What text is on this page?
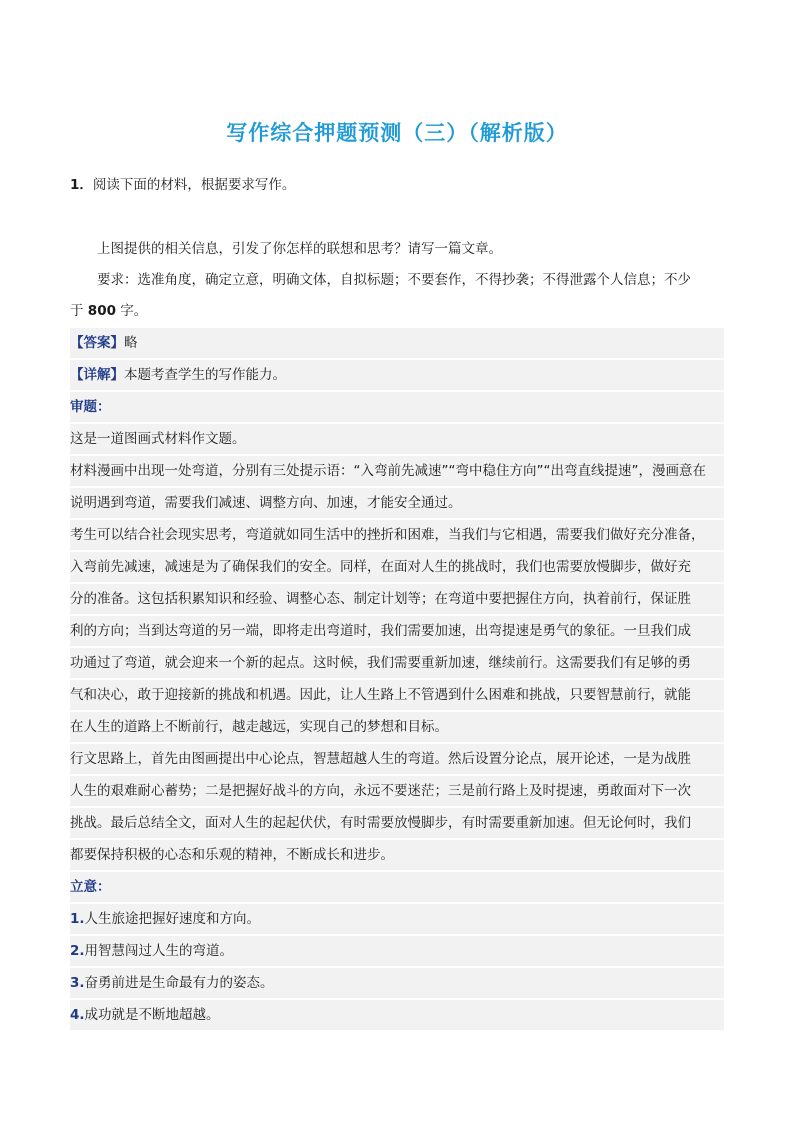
写作综合押题预测（三）（解析版）
1．阅读下面的材料，根据要求写作。
上图提供的相关信息，引发了你怎样的联想和思考？请写一篇文章。
要求：选准角度，确定立意，明确文体，自拟标题；不要套作，不得抄袭；不得泄露个人信息；不少
于 800 字。
【答案】略
【详解】本题考查学生的写作能力。
审题：
这是一道图画式材料作文题。
材料漫画中出现一处弯道，分别有三处提示语：“入弯前先减速”“弯中稳住方向”“出弯直线提速”，漫画意在
说明遇到弯道，需要我们减速、调整方向、加速，才能安全通过。
考生可以结合社会现实思考，弯道就如同生活中的挫折和困难，当我们与它相遇，需要我们做好充分准备，
入弯前先减速，减速是为了确保我们的安全。同样，在面对人生的挑战时，我们也需要放慢脚步，做好充
分的准备。这包括积累知识和经验、调整心态、制定计划等；在弯道中要把握住方向，执着前行，保证胜
利的方向；当到达弯道的另一端，即将走出弯道时，我们需要加速，出弯提速是勇气的象征。一旦我们成
功通过了弯道，就会迎来一个新的起点。这时候，我们需要重新加速，继续前行。这需要我们有足够的勇
气和决心，敢于迎接新的挑战和机遇。因此，让人生路上不管遇到什么困难和挑战，只要智慧前行，就能
在人生的道路上不断前行，越走越远，实现自己的梦想和目标。
行文思路上，首先由图画提出中心论点，智慧超越人生的弯道。然后设置分论点，展开论述，一是为战胜
人生的艰难耐心蓄势；二是把握好战斗的方向，永远不要迷茫；三是前行路上及时提速，勇敢面对下一次
挑战。最后总结全文，面对人生的起起伏伏，有时需要放慢脚步，有时需要重新加速。但无论何时，我们
都要保持积极的心态和乐观的精神，不断成长和进步。
立意：
1.人生旅途把握好速度和方向。
2.用智慧闯过人生的弯道。
3.奋勇前进是生命最有力的姿态。
4.成功就是不断地超越。
